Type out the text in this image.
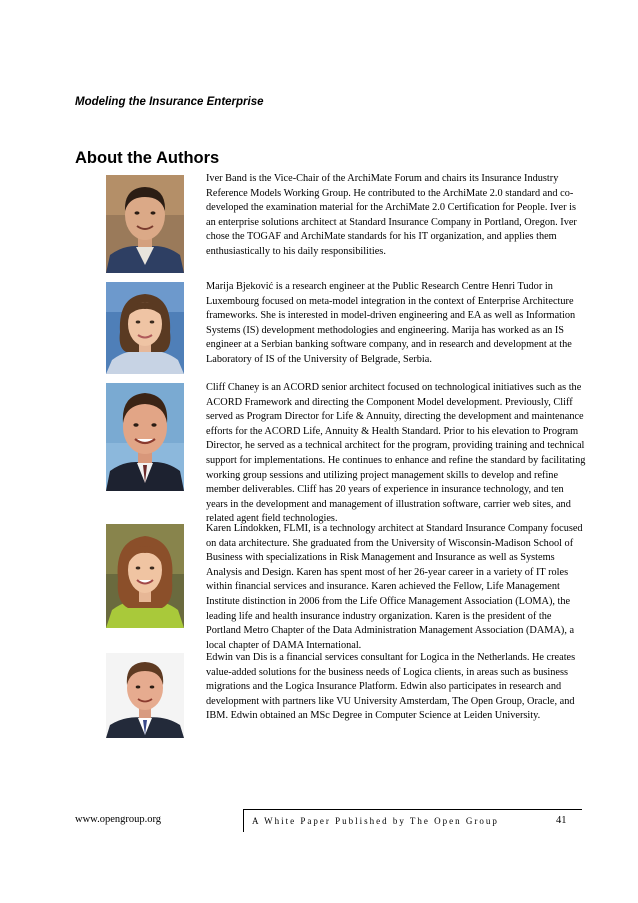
Modeling the Insurance Enterprise
About the Authors

Iver Band is the Vice-Chair of the ArchiMate Forum and chairs its Insurance Industry Reference Models Working Group. He contributed to the ArchiMate 2.0 standard and co-developed the examination material for the ArchiMate 2.0 Certification for People. Iver is an enterprise solutions architect at Standard Insurance Company in Portland, Oregon. Iver chose the TOGAF and ArchiMate standards for his IT organization, and applies them enthusiastically to his daily responsibilities.

Marija Bjeković is a research engineer at the Public Research Centre Henri Tudor in Luxembourg focused on meta-model integration in the context of Enterprise Architecture frameworks. She is interested in model-driven engineering and EA as well as Information Systems (IS) development methodologies and engineering. Marija has worked as an IS engineer at a Serbian banking software company, and in research and development at the Laboratory of IS of the University of Belgrade, Serbia.

Cliff Chaney is an ACORD senior architect focused on technological initiatives such as the ACORD Framework and directing the Component Model development. Previously, Cliff served as Program Director for Life & Annuity, directing the development and maintenance efforts for the ACORD Life, Annuity & Health Standard. Prior to his elevation to Program Director, he served as a technical architect for the program, providing training and technical support for implementations. He continues to enhance and refine the standard by facilitating working group sessions and utilizing project management skills to develop and refine member deliverables. Cliff has 20 years of experience in insurance technology, and ten years in the development and management of illustration software, carrier web sites, and related agent field technologies.

Karen Lindokken, FLMI, is a technology architect at Standard Insurance Company focused on data architecture. She graduated from the University of Wisconsin-Madison School of Business with specializations in Risk Management and Insurance as well as Systems Analysis and Design. Karen has spent most of her 26-year career in a variety of IT roles within financial services and insurance. Karen achieved the Fellow, Life Management Institute distinction in 2006 from the Life Office Management Association (LOMA), the leading life and health insurance industry organization. Karen is the president of the Portland Metro Chapter of the Data Administration Management Association (DAMA), a local chapter of DAMA International.

Edwin van Dis is a financial services consultant for Logica in the Netherlands. He creates value-added solutions for the business needs of Logica clients, in areas such as business migrations and the Logica Insurance Platform. Edwin also participates in research and development with partners like VU University Amsterdam, The Open Group, Oracle, and IBM. Edwin obtained an MSc Degree in Computer Science at Leiden University.

www.opengroup.org	A White Paper Published by The Open Group	41
